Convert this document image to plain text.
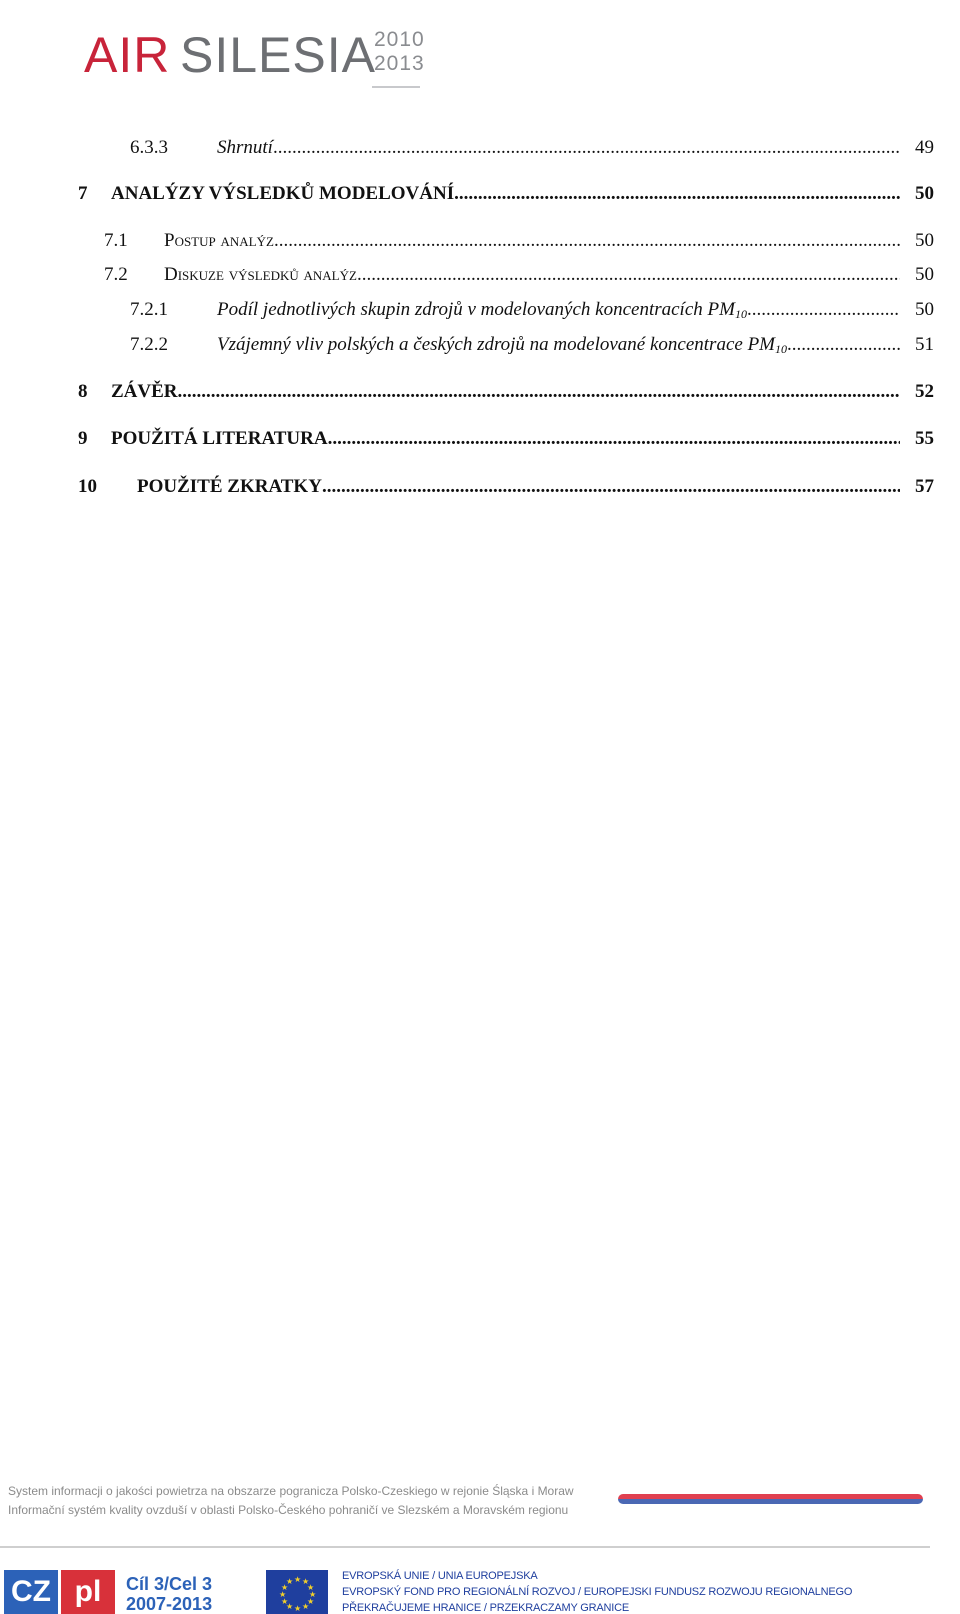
AIR SILESIA
2010
2013
6.3.3	Shrnutí .....	49
7 ANALÝZY VÝSLEDKŮ MODELOVÁNÍ .....	50
7.1 Postup analýz .....	50
7.2 Diskuze výsledků analýz .....	50
7.2.1	Podíl jednotlivých skupin zdrojů v modelovaných koncentracích $PM_{10}$ .....	50
7.2.2	Vzájemný vliv polských a českých zdrojů na modelované koncentrace $PM_{10}$ .....	51
8 ZÁVĚR .....	52
9 POUŽITÁ LITERATURA .....	55
10 POUŽITÉ ZKRATKY .....	57
System informacji o jakości powietrza na obszarze pogranicza Polsko-Czeskiego w rejonie Śląska i Moraw
Informační systém kvality ovzduší v oblasti Polsko-Českého pohraničí ve Slezském a Moravském regionu
CZ pl	Cíl 3/Cel 3
2007-2013
★ ★
★
★
★
★
★
★
★
★
★
★	EVROPSKÁ UNIE / UNIA EUROPEJSKA
EVROPSKÝ FOND PRO REGIONÁLNÍ ROZVOJ / EUROPEJSKI FUNDUSZ ROZWOJU REGIONALNEGO
PŘEKRAČUJEME HRANICE / PRZEKRACZAMY GRANICE
